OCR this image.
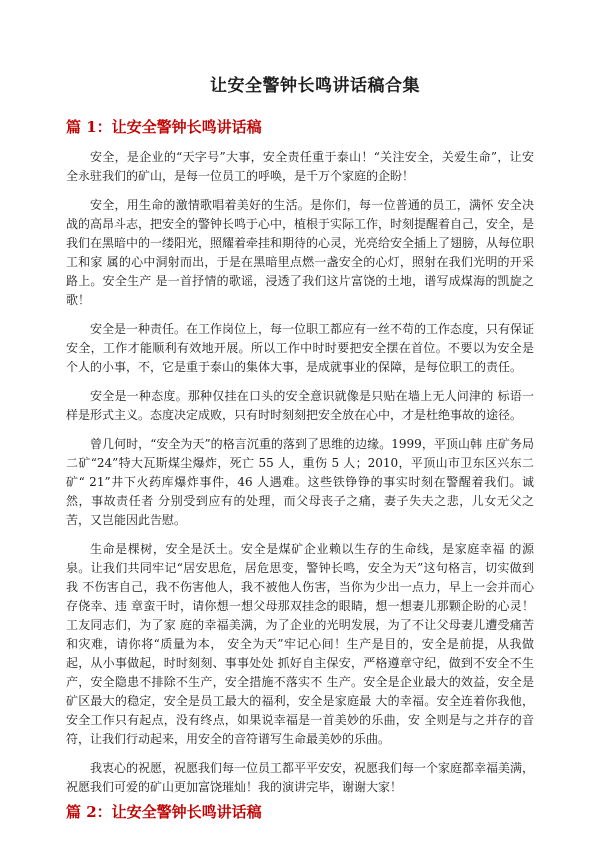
让安全警钟长鸣讲话稿合集
篇 1：让安全警钟长鸣讲话稿

安全，是企业的“天字号”大事，安全责任重于泰山！“关注安全，关爱生命”，让安全永驻我们的矿山，是每一位员工的呼唤，是千万个家庭的企盼！

安全，用生命的激情歌唱着美好的生活。是你们，每一位普通的员工，满怀 安全决战的高昂斗志，把安全的警钟长鸣于心中，植根于实际工作，时刻提醒着自己，安全，是我们在黑暗中的一缕阳光，照耀着牵挂和期待的心灵，光亮给安全插上了翅膀，从每位职工和家 属的心中洞射而出，于是在黑暗里点燃一盏安全的心灯，照射在我们光明的开采路上。安全生产 是一首抒情的歌谣，浸透了我们这片富饶的土地，谱写成煤海的凯旋之歌！

安全是一种责任。在工作岗位上，每一位职工都应有一丝不苟的工作态度，只有保证安全，工作才能顺利有效地开展。所以工作中时时要把安全摆在首位。不要以为安全是 个人的小事，不，它是重于泰山的集体大事，是成就事业的保障，是每位职工的责任。

安全是一种态度。那种仅挂在口头的安全意识就像是只贴在墙上无人问津的 标语一样是形式主义。态度决定成败，只有时时刻刻把安全放在心中，才是杜绝事故的途径。

曾几何时，“安全为天”的格言沉重的落到了思维的边缘。1999，平顶山韩 庄矿务局二矿“24”特大瓦斯煤尘爆炸，死亡 55 人，重伤 5 人；2010，平顶山市卫东区兴东二矿“ 21”井下火药库爆炸事件，46 人遇难。这些铁铮铮的事实时刻在警醒着我们。诚然，事故责任者 分别受到应有的处理，而父母丧子之痛，妻子失夫之悲，儿女无父之苦，又岂能因此告慰。

生命是棵树，安全是沃土。安全是煤矿企业赖以生存的生命线，是家庭幸福 的源泉。让我们共同牢记“居安思危，居危思变，警钟长鸣，安全为天”这句格言，切实做到我 不伤害自己，我不伤害他人，我不被他人伤害，当你为少出一点力，早上一会并而心存侥幸、违 章蛮干时，请你想一想父母那双挂念的眼睛，想一想妻儿那颗企盼的心灵！工友同志们，为了家 庭的幸福美满，为了企业的光明发展，为了不让父母妻儿遭受痛苦和灾难，请你将“质量为本， 安全为天”牢记心间！生产是目的，安全是前提，从我做起，从小事做起，时时刻刻、事事处处 抓好自主保安，严格遵章守纪，做到不安全不生产，安全隐患不排除不生产，安全措施不落实不 生产。安全是企业最大的效益，安全是矿区最大的稳定，安全是员工最大的福利，安全是家庭最 大的幸福。安全连着你我他，安全工作只有起点，没有终点，如果说幸福是一首美妙的乐曲，安 全则是与之并存的音符，让我们行动起来，用安全的音符谱写生命最美妙的乐曲。

我衷心的祝愿，祝愿我们每一位员工都平平安安，祝愿我们每一个家庭都幸福美满，祝愿我们可爱的矿山更加富饶璀灿！我的演讲完毕，谢谢大家！

篇 2：让安全警钟长鸣讲话稿
